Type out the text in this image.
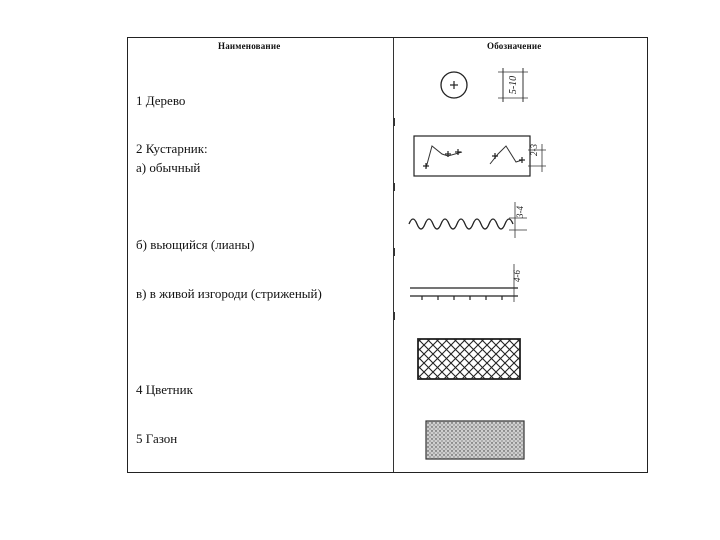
Наименование	Обозначение
1 Дерево
2 Кустарник:
а) обычный
б) вьющийся (лианы)
в) в живой изгороди (стриженый)
4 Цветник
5 Газон
5-10
2-3
3-4
4-6
